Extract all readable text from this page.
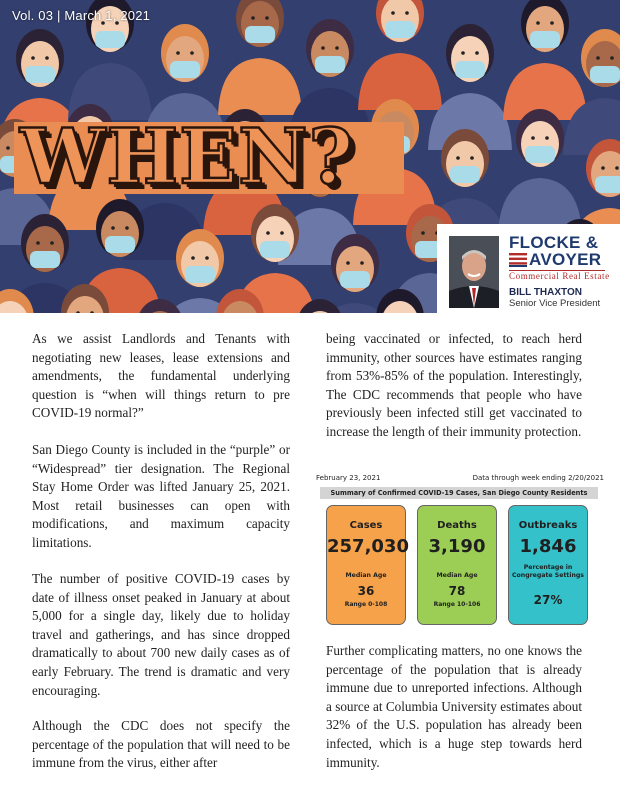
Vol. 03 | March 1, 2021
WHEN?
FLOCKE &
AVOYER
Commercial Real Estate
BILL THAXTON
Senior Vice President
As we assist Landlords and Tenants with negotiating new leases, lease extensions and amendments, the fundamental underlying question is “when will things return to pre COVID-19 normal?”
San Diego County is included in the “purple” or “Widespread” tier designation. The Regional Stay Home Order was lifted January 25, 2021. Most retail businesses can open with modifications, and maximum capacity limitations.
The number of positive COVID-19 cases by date of illness onset peaked in January at about 5,000 for a single day, likely due to holiday travel and gatherings, and has since dropped dramatically to about 700 new daily cases as of early February. The trend is dramatic and very encouraging.
Although the CDC does not specify the percentage of the population that will need to be immune from the virus, either after
being vaccinated or infected, to reach herd immunity, other sources have estimates ranging from 53%-85% of the population. Interestingly, The CDC recommends that people who have previously been infected still get vaccinated to increase the length of their immunity protection.
February 23, 2021	Data through week ending 2/20/2021
Summary of Confirmed COVID-19 Cases, San Diego County Residents
Cases
257,030
Median Age
36
Range 0-108
Deaths
3,190
Median Age
78
Range 10-106
Outbreaks
1,846
Percentage in Congregate Settings
27%
Further complicating matters, no one knows the percentage of the population that is already immune due to unreported infections. Although a source at Columbia University estimates about 32% of the U.S. population has already been infected, which is a huge step towards herd immunity.
